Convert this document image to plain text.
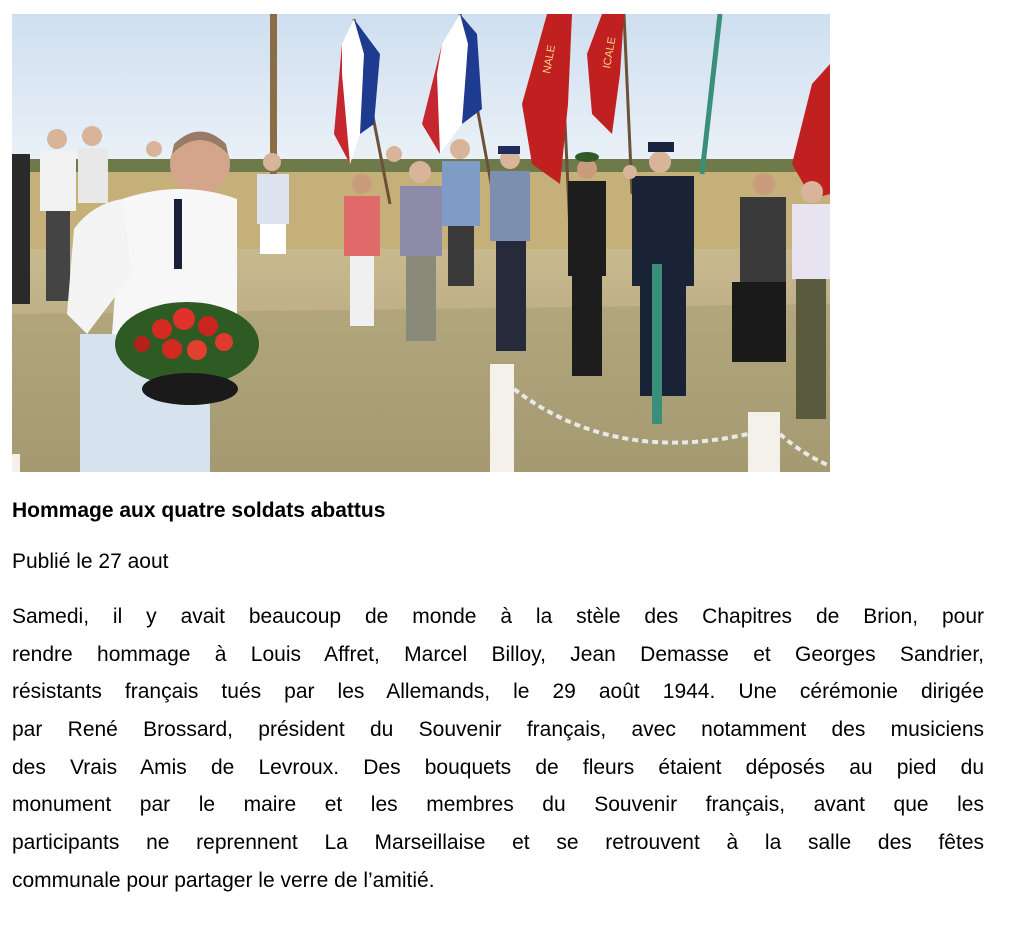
NALE	ICALE
Hommage aux quatre soldats abattus

Publié le 27 aout

Samedi, il y avait beaucoup de monde à la stèle des Chapitres de Brion, pour
rendre hommage à Louis Affret, Marcel Billoy, Jean Demasse et Georges Sandrier,
résistants français tués par les Allemands, le 29 août 1944. Une cérémonie dirigée
par René Brossard, président du Souvenir français, avec notamment des musiciens
des Vrais Amis de Levroux. Des bouquets de fleurs étaient déposés au pied du
monument par le maire et les membres du Souvenir français, avant que les
participants ne reprennent La Marseillaise et se retrouvent à la salle des fêtes
communale pour partager le verre de l’amitié.
